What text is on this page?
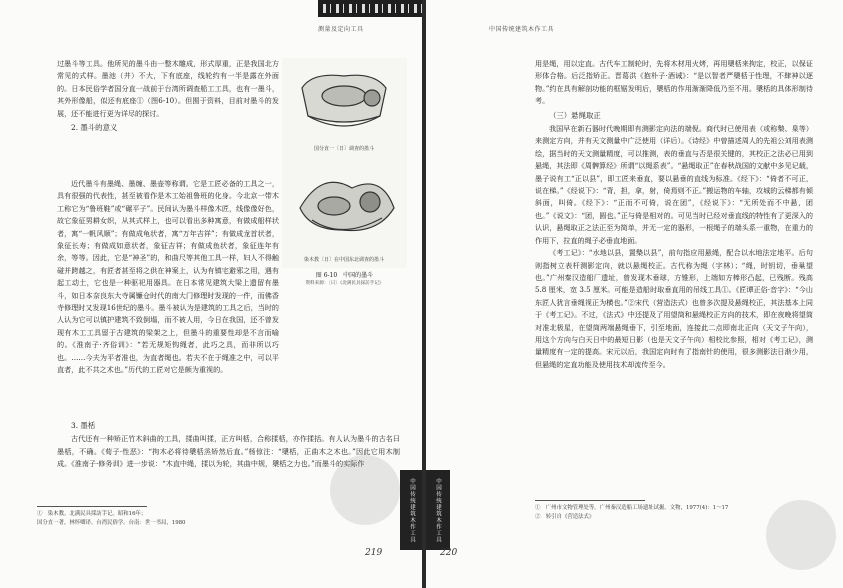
测量及定向工具

过墨斗等工具。他所见的墨斗由一整木雕成，形式厚重，正是我国北方常见的式样。墨池（井）不大，下有底座，线轮约有一半是露在外面的。日本民俗学者国分直一战前于台湾所调查船工工具，也有一墨斗，其外形像船，似还有底座①（图6-10）。但囿于资料，目前对墨斗的发展，还不能进行更为详尽的探讨。

2. 墨斗的意义
国分直一〔日〕调查的墨斗
染木教〔日〕在中国东北调查的墨斗
图 6-10　中国的墨斗
资料来源：〔日〕《北满民具採訪手记》

近代墨斗有墨绳、墨缠、墨壶等称谓。它是工匠必备的工具之一，具有很强的代表性，甚至被看作是木工始祖鲁班的化身。今北京一带木工称它为“鲁班鞋”或“碾平子”。民间认为墨斗样像木匠，线像像好色，故它象征男耕女织，从其式样上，也可以看出多种寓意，有做成船样状者，寓“一帆风顺”；有做成龟状者，寓“万年吉祥”；有做成龙首状者，象征长寿；有做成如意状者，象征吉祥；有做成鱼状者，象征连年有余，等等。因此，它是“神圣”的，和曲尺等其他工具一样，妇人不得触碰并跨越之，有匠者甚至将之供在神案上，认为有镇宅避邪之用，遇有起工动土，它也是一种驱祀用器具。在日本常见建筑大梁上遗留有墨斗，如日本奈良东大寺属镰仓时代的南大门修理时发现的一件，而佛香寺修理时又发现16世纪的墨斗。墨斗被认为是建筑的工具之后，当时的人认为它可以镇护建筑不致倒塌，而不被人用，今日在我国，还不曾发现有木工工具留于古建筑的梁架之上，但墨斗的重要性却是不言而喻的。《淮南子·齐俗训》：“若无规矩钩绳者，此巧之具，而非所以巧也。……今夫为平者准也，为直者绳也。若夫不在于绳准之中，可以平直者，此不共之术也。”历代的工匠对它是颇为重视的。

3. 墨栝

古代还有一种矫正竹木斜曲的工具，揉曲叫揉，正方叫栝，合称揉栝，亦作揉括。有人认为墨斗的古名曰墨栝，不确。《荀子·性恶》：“拘木必将待檃栝烝矫然后直。”杨倞注：“檃栝，正曲木之木也。”因此它用木制成。《淮南子·修务训》进一步说：“木直中绳，揉以为轮，其曲中规，檃栝之力也。”而墨斗的实际作

①　染木教。北满民具採訪手记。昭和16年；
国分直一著，林怀卿译。台湾民俗学。台南：世一书局，1980	中国传统建筑木作工具
219
中国传统建筑木作工具

用是绳，用以定直。古代车工制轮时，先将木材用火烤，再用檃栝来拘定，校正，以保证形体合格。后泛指矫正。晋葛洪《抱朴子·酒诫》：“是以智者严檃栝于性理，不肆神以逐物。”约在具有解剖功能的框锯发明后，檃栝的作用渐渐降低乃至不用。檃栝的具体形制待考。

（三）悬绳取正

我国早在新石器时代晚期即有测影定向法的端倪。商代时已使用表（或称槷、臬等）来测定方向，并有天文测量中广泛使用（详后）。《诗经》中曾描述周人的先祖公刘用表测绘，据当时的天文测量精度，可以推测，表的垂直与否是很关键的，其校正之法必已用到悬绳，其法即《周髀算经》所谓“以绳系表”。“悬绳取正”在春秋战国的文献中多见记载，墨子说有工“正以县”，即工匠来垂直，要以悬垂的直线为标准。《经下》：“倚者不可正，说在梯。”《经说下》：“背，担，拿，射，倚焉则不正。”搬运物的车轴，攻城的云梯都有倾斜面，叫倚。《经下》：“正而不可倚，说在团”，《经说下》：“无所处而不中悬，团也。”《说文》：“团，圆也。”正与倚是相对的。可见当时已经对垂直线的特性有了更深入的认识，悬绳取正之法正至为简单，并无一定的器形，一根绳子的端头系一重物，在重力的作用下，拉直的绳子必垂直地面。

《考工记》：“水地以县，置槷以县”，前句指应用悬绳，配合以水地法定地平。后句则指树立表杆测影定向，就以悬绳校正。古代称为绳（字林）；“绳，时钥切，垂巢望也。”广州秦汉造船厂遗址，曾发现木垂球，方锥形，上端如方棒形凸起，已残断。残高 5.8 厘米，宽 3.5 厘米。可能是造船时取垂直用的吊线工具①。《匠谭正俗·音字》：“今山东匠人犹言垂绳视正为横也。”②宋代（营造法式）也曾多次提及悬绳校正，其法基本上同于《考工记》。不过，《法式》中还提及了用望筒和悬绳校正方向的技术，即在夜晚将望筒对准北极星，在望筒两端悬绳垂下，引至地面，连接此二点即南北正向（天文子午向），用这个方向与白天日中的最短日影（也是天文子午向）相校比参照，相对《考工记》，测量精度有一定的提高。宋元以后，我国定向时有了指南针的使用，很多测影法日渐少用，但悬绳的定直功能及使用技术却流传至今。

①　广州市文物管理处等。广州秦汉造船工场遗址试掘。文物，1977(4)：1～17
②　转引自《营造法式》
中国传统建筑木作工具
220
